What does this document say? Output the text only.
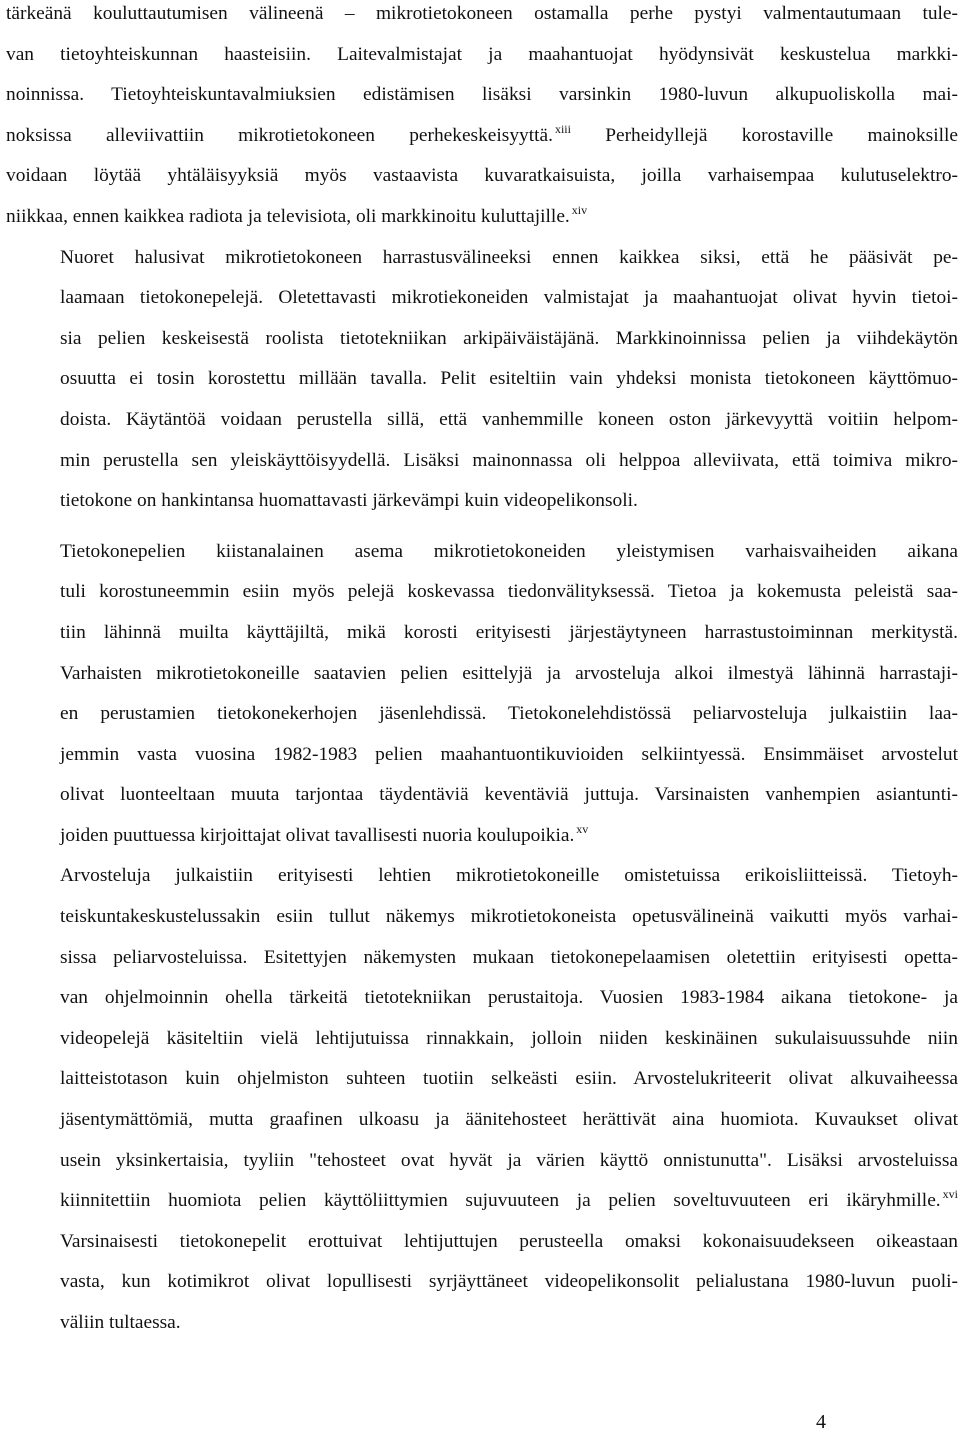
tärkeänä kouluttautumisen välineenä – mikrotietokoneen ostamalla perhe pystyi valmentautumaan tule-
van tietoyhteiskunnan haasteisiin. Laitevalmistajat ja maahantuojat hyödynsivät keskustelua markki-
noinnissa. Tietoyhteiskuntavalmiuksien edistämisen lisäksi varsinkin 1980-luvun alkupuoliskolla mai-
noksissa alleviivattiin mikrotietokoneen perhekeskeisyyttä. $^{xiii}$ Perheidyllejä korostaville mainoksille
voidaan löytää yhtäläisyyksiä myös vastaavista kuvaratkaisuista, joilla varhaisempaa kulutuselektro-
niikkaa, ennen kaikkea radiota ja televisiota, oli markkinoitu kuluttajille. $^{xiv}$

Nuoret halusivat mikrotietokoneen harrastusvälineeksi ennen kaikkea siksi, että he pääsivät pe-
laamaan tietokonepelejä. Oletettavasti mikrotiekoneiden valmistajat ja maahantuojat olivat hyvin tietoi-
sia pelien keskeisestä roolista tietotekniikan arkipäiväistäjänä. Markkinoinnissa pelien ja viihdekäytön
osuutta ei tosin korostettu millään tavalla. Pelit esiteltiin vain yhdeksi monista tietokoneen käyttömuo-
doista. Käytäntöä voidaan perustella sillä, että vanhemmille koneen oston järkevyyttä voitiin helpom-
min perustella sen yleiskäyttöisyydellä. Lisäksi mainonnassa oli helppoa alleviivata, että toimiva mikro-
tietokone on hankintansa huomattavasti järkevämpi kuin videopelikonsoli.

Tietokonepelien kiistanalainen asema mikrotietokoneiden yleistymisen varhaisvaiheiden aikana
tuli korostuneemmin esiin myös pelejä koskevassa tiedonvälityksessä. Tietoa ja kokemusta peleistä saa-
tiin lähinnä muilta käyttäjiltä, mikä korosti erityisesti järjestäytyneen harrastustoiminnan merkitystä.
Varhaisten mikrotietokoneille saatavien pelien esittelyjä ja arvosteluja alkoi ilmestyä lähinnä harrastaji-
en perustamien tietokonekerhojen jäsenlehdissä. Tietokonelehdistössä peliarvosteluja julkaistiin laa-
jemmin vasta vuosina 1982-1983 pelien maahantuontikuvioiden selkiintyessä. Ensimmäiset arvostelut
olivat luonteeltaan muuta tarjontaa täydentäviä keventäviä juttuja. Varsinaisten vanhempien asiantunti-
joiden puuttuessa kirjoittajat olivat tavallisesti nuoria koulupoikia. $^{xv}$

Arvosteluja julkaistiin erityisesti lehtien mikrotietokoneille omistetuissa erikoisliitteissä. Tietoyh-
teiskuntakeskustelussakin esiin tullut näkemys mikrotietokoneista opetusvälineinä vaikutti myös varhai-
sissa peliarvosteluissa. Esitettyjen näkemysten mukaan tietokonepelaamisen oletettiin erityisesti opetta-
van ohjelmoinnin ohella tärkeitä tietotekniikan perustaitoja. Vuosien 1983-1984 aikana tietokone- ja
videopelejä käsiteltiin vielä lehtijutuissa rinnakkain, jolloin niiden keskinäinen sukulaisuussuhde niin
laitteistotason kuin ohjelmiston suhteen tuotiin selkeästi esiin. Arvostelukriteerit olivat alkuvaiheessa
jäsentymättömiä, mutta graafinen ulkoasu ja äänitehosteet herättivät aina huomiota. Kuvaukset olivat
usein yksinkertaisia, tyyliin "tehosteet ovat hyvät ja värien käyttö onnistunutta". Lisäksi arvosteluissa
kiinnitettiin huomiota pelien käyttöliittymien sujuvuuteen ja pelien soveltuvuuteen eri ikäryhmille. $^{xvi}$
Varsinaisesti tietokonepelit erottuivat lehtijuttujen perusteella omaksi kokonaisuudekseen oikeastaan
vasta, kun kotimikrot olivat lopullisesti syrjäyttäneet videopelikonsolit pelialustana 1980-luvun puoli-
väliin tultaessa.

4
